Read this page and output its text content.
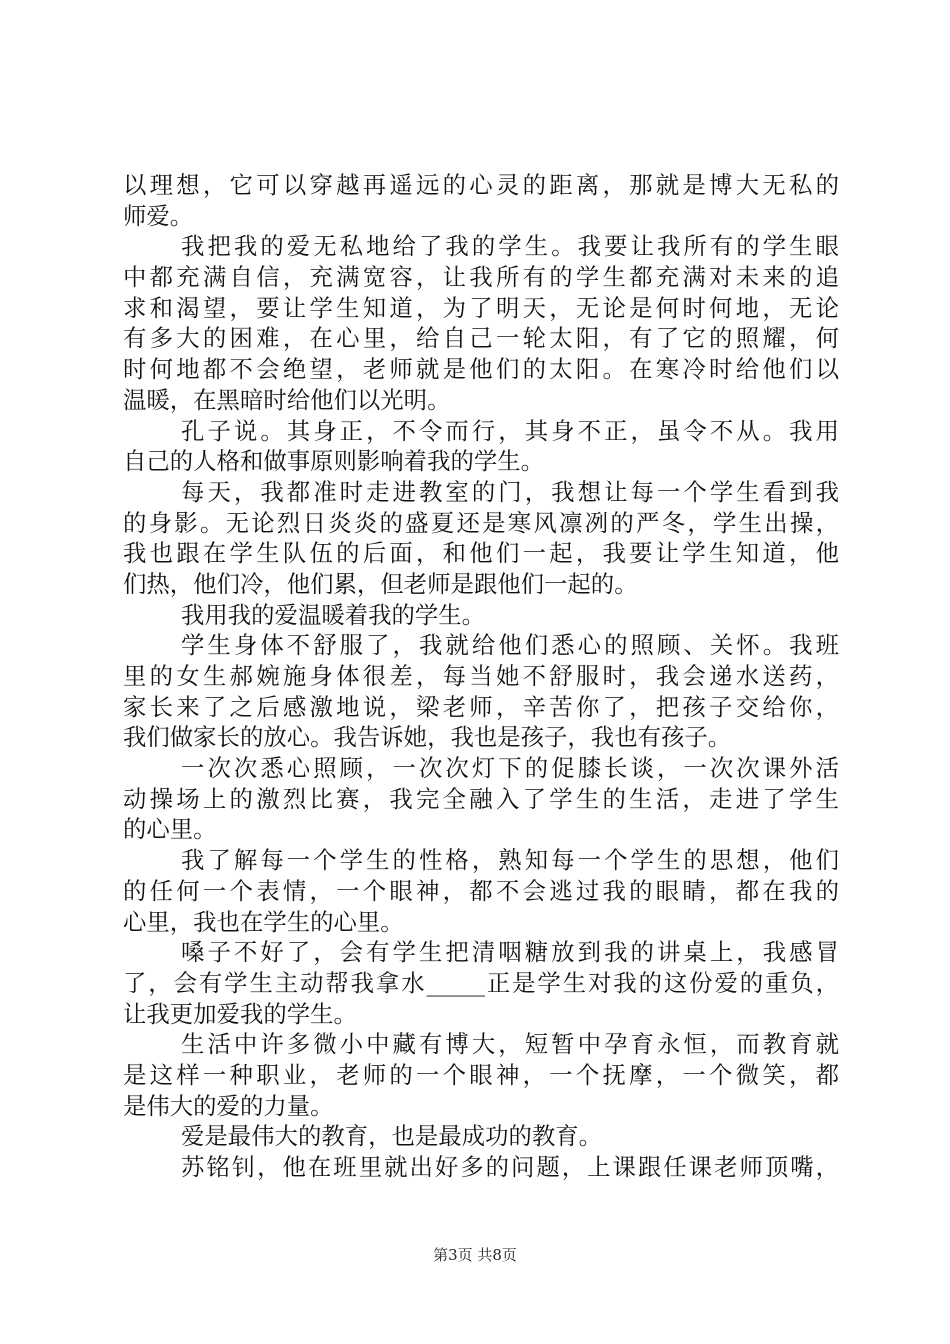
以理想，它可以穿越再遥远的心灵的距离，那就是博大无私的
师爱。
我把我的爱无私地给了我的学生。我要让我所有的学生眼
中都充满自信，充满宽容，让我所有的学生都充满对未来的追
求和渴望，要让学生知道，为了明天，无论是何时何地，无论
有多大的困难，在心里，给自己一轮太阳，有了它的照耀，何
时何地都不会绝望，老师就是他们的太阳。在寒冷时给他们以
温暖，在黑暗时给他们以光明。
孔子说。其身正，不令而行，其身不正，虽令不从。我用
自己的人格和做事原则影响着我的学生。
每天，我都准时走进教室的门，我想让每一个学生看到我
的身影。无论烈日炎炎的盛夏还是寒风凛冽的严冬，学生出操，
我也跟在学生队伍的后面，和他们一起，我要让学生知道，他
们热，他们冷，他们累，但老师是跟他们一起的。
我用我的爱温暖着我的学生。
学生身体不舒服了，我就给他们悉心的照顾、关怀。我班
里的女生郝婉施身体很差，每当她不舒服时，我会递水送药，
家长来了之后感激地说，梁老师，辛苦你了，把孩子交给你，
我们做家长的放心。我告诉她，我也是孩子，我也有孩子。
一次次悉心照顾，一次次灯下的促膝长谈，一次次课外活
动操场上的激烈比赛，我完全融入了学生的生活，走进了学生
的心里。
我了解每一个学生的性格，熟知每一个学生的思想，他们
的任何一个表情，一个眼神，都不会逃过我的眼睛，都在我的
心里，我也在学生的心里。
嗓子不好了，会有学生把清咽糖放到我的讲桌上，我感冒
了，会有学生主动帮我拿水_____正是学生对我的这份爱的重负，
让我更加爱我的学生。
生活中许多微小中藏有博大，短暂中孕育永恒，而教育就
是这样一种职业，老师的一个眼神，一个抚摩，一个微笑，都
是伟大的爱的力量。
爱是最伟大的教育，也是最成功的教育。
苏铭钊，他在班里就出好多的问题，上课跟任课老师顶嘴，
第3页 共8页
